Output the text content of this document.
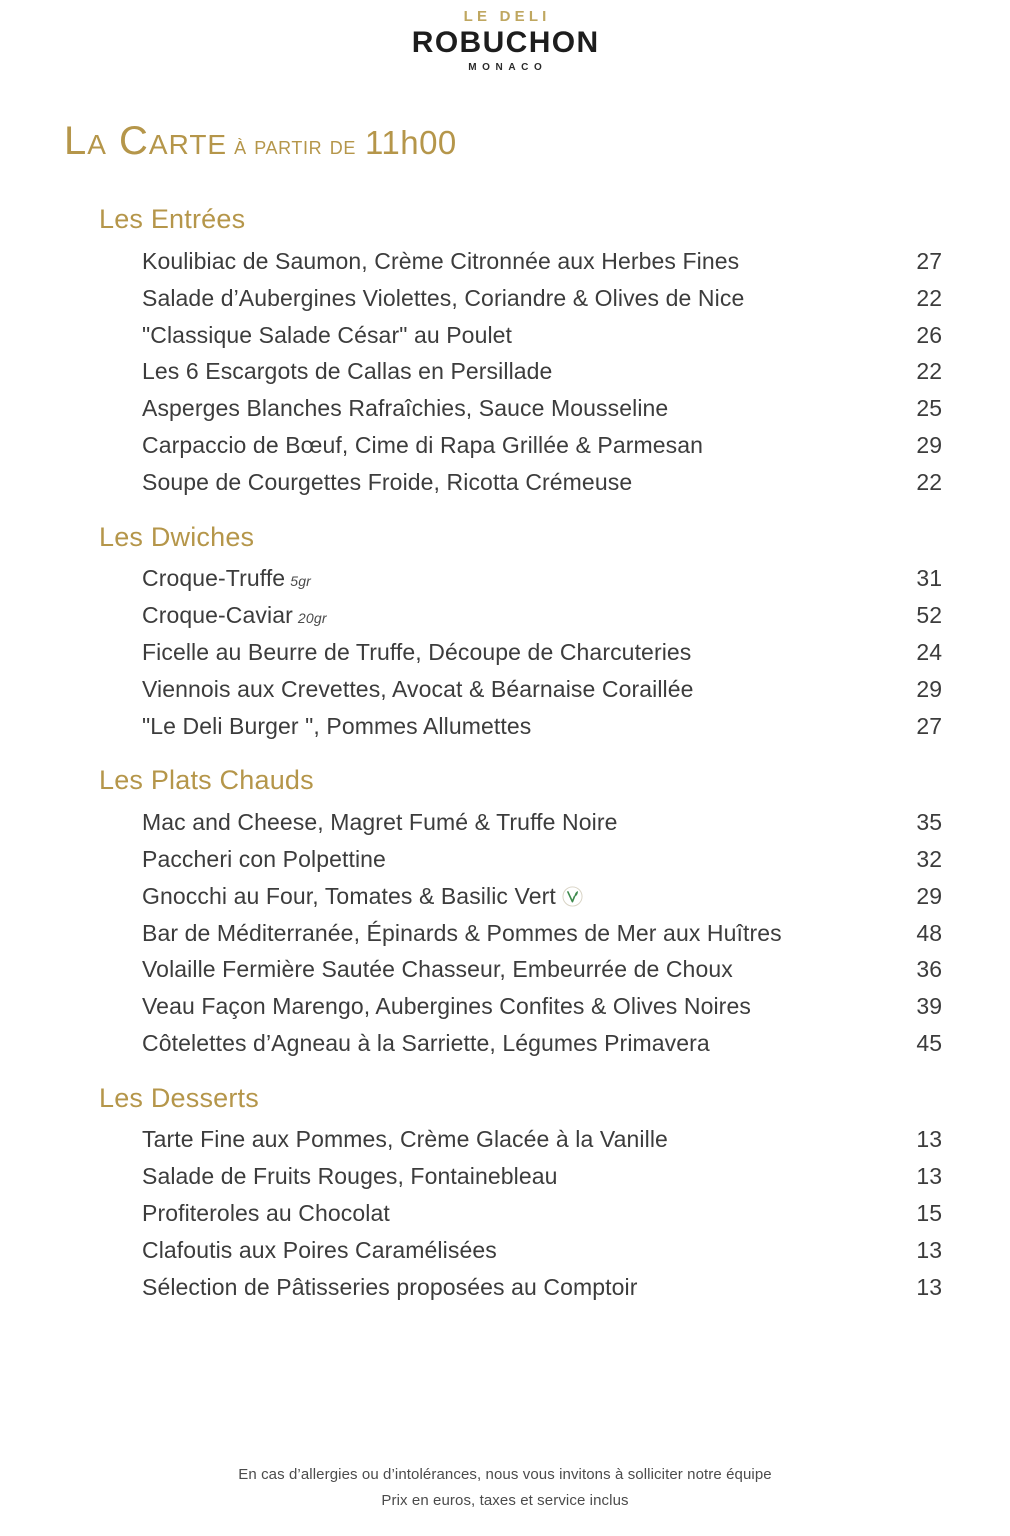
LE DELI
ROBUCHON
MONACO
La Carte à partir de 11h00
Les Entrées
Koulibiac de Saumon, Crème Citronnée aux Herbes Fines	27
Salade d’Aubergines Violettes, Coriandre & Olives de Nice	22
"Classique Salade César" au Poulet	26
Les 6 Escargots de Callas en Persillade	22
Asperges Blanches Rafraîchies, Sauce Mousseline	25
Carpaccio de Bœuf, Cime di Rapa Grillée & Parmesan	29
Soupe de Courgettes Froide, Ricotta Crémeuse	22
Les Dwiches
Croque-Truffe 5gr	31
Croque-Caviar 20gr	52
Ficelle au Beurre de Truffe, Découpe de Charcuteries	24
Viennois aux Crevettes, Avocat & Béarnaise Coraillée	29
"Le Deli Burger ", Pommes Allumettes	27
Les Plats Chauds
Mac and Cheese, Magret Fumé & Truffe Noire	35
Paccheri con Polpettine	32
Gnocchi au Four, Tomates & Basilic Vert	29
Bar de Méditerranée, Épinards & Pommes de Mer aux Huîtres	48
Volaille Fermière Sautée Chasseur, Embeurrée de Choux	36
Veau Façon Marengo, Aubergines Confites & Olives Noires	39
Côtelettes d’Agneau à la Sarriette, Légumes Primavera	45
Les Desserts
Tarte Fine aux Pommes, Crème Glacée à la Vanille	13
Salade de Fruits Rouges, Fontainebleau	13
Profiteroles au Chocolat	15
Clafoutis aux Poires Caramélisées	13
Sélection de Pâtisseries proposées au Comptoir	13
En cas d’allergies ou d’intolérances, nous vous invitons à solliciter notre équipe
Prix en euros, taxes et service inclus
